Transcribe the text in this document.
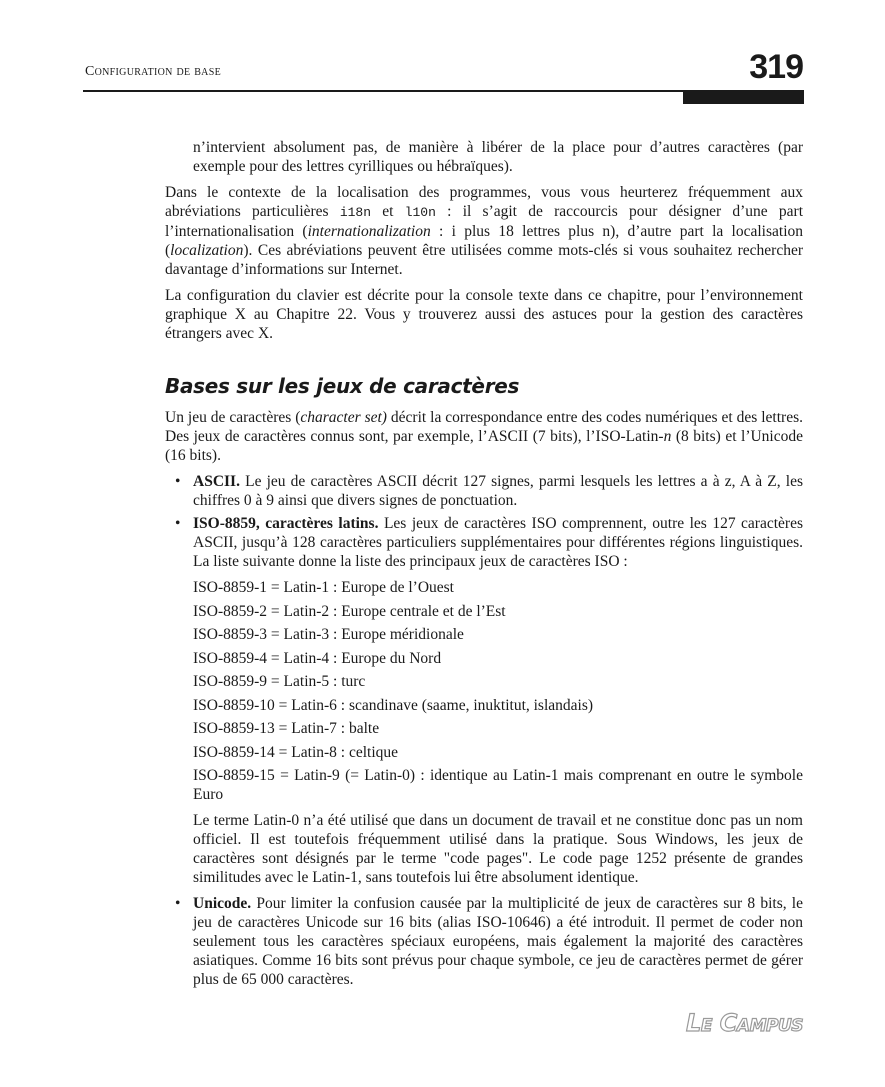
Configuration de base	319

n’intervient absolument pas, de manière à libérer de la place pour d’autres caractères (par exemple pour des lettres cyrilliques ou hébraïques).

Dans le contexte de la localisation des programmes, vous vous heurterez fréquemment aux abréviations particulières i18n et l10n : il s’agit de raccourcis pour désigner d’une part l’internationalisation (internationalization : i plus 18 lettres plus n), d’autre part la localisation (localization). Ces abréviations peuvent être utilisées comme mots-clés si vous souhaitez rechercher davantage d’informations sur Internet.

La configuration du clavier est décrite pour la console texte dans ce chapitre, pour l’environnement graphique X au Chapitre 22. Vous y trouverez aussi des astuces pour la gestion des caractères étrangers avec X.

Bases sur les jeux de caractères

Un jeu de caractères (character set) décrit la correspondance entre des codes numériques et des lettres. Des jeux de caractères connus sont, par exemple, l’ASCII (7 bits), l’ISO-Latin-n (8 bits) et l’Unicode (16 bits).

• ASCII. Le jeu de caractères ASCII décrit 127 signes, parmi lesquels les lettres a à z, A à Z, les chiffres 0 à 9 ainsi que divers signes de ponctuation.
• ISO-8859, caractères latins. Les jeux de caractères ISO comprennent, outre les 127 caractères ASCII, jusqu’à 128 caractères particuliers supplémentaires pour différentes régions linguistiques. La liste suivante donne la liste des principaux jeux de caractères ISO :

ISO-8859-1 = Latin-1 : Europe de l’Ouest
ISO-8859-2 = Latin-2 : Europe centrale et de l’Est
ISO-8859-3 = Latin-3 : Europe méridionale
ISO-8859-4 = Latin-4 : Europe du Nord
ISO-8859-9 = Latin-5 : turc
ISO-8859-10 = Latin-6 : scandinave (saame, inuktitut, islandais)
ISO-8859-13 = Latin-7 : balte
ISO-8859-14 = Latin-8 : celtique

ISO-8859-15 = Latin-9 (= Latin-0) : identique au Latin-1 mais comprenant en outre le symbole Euro

Le terme Latin-0 n’a été utilisé que dans un document de travail et ne constitue donc pas un nom officiel. Il est toutefois fréquemment utilisé dans la pratique. Sous Windows, les jeux de caractères sont désignés par le terme "code pages". Le code page 1252 présente de grandes similitudes avec le Latin-1, sans toutefois lui être absolument identique.

• Unicode. Pour limiter la confusion causée par la multiplicité de jeux de caractères sur 8 bits, le jeu de caractères Unicode sur 16 bits (alias ISO-10646) a été introduit. Il permet de coder non seulement tous les caractères spéciaux européens, mais également la majorité des caractères asiatiques. Comme 16 bits sont prévus pour chaque symbole, ce jeu de caractères permet de gérer plus de 65 000 caractères.
Le Campus
